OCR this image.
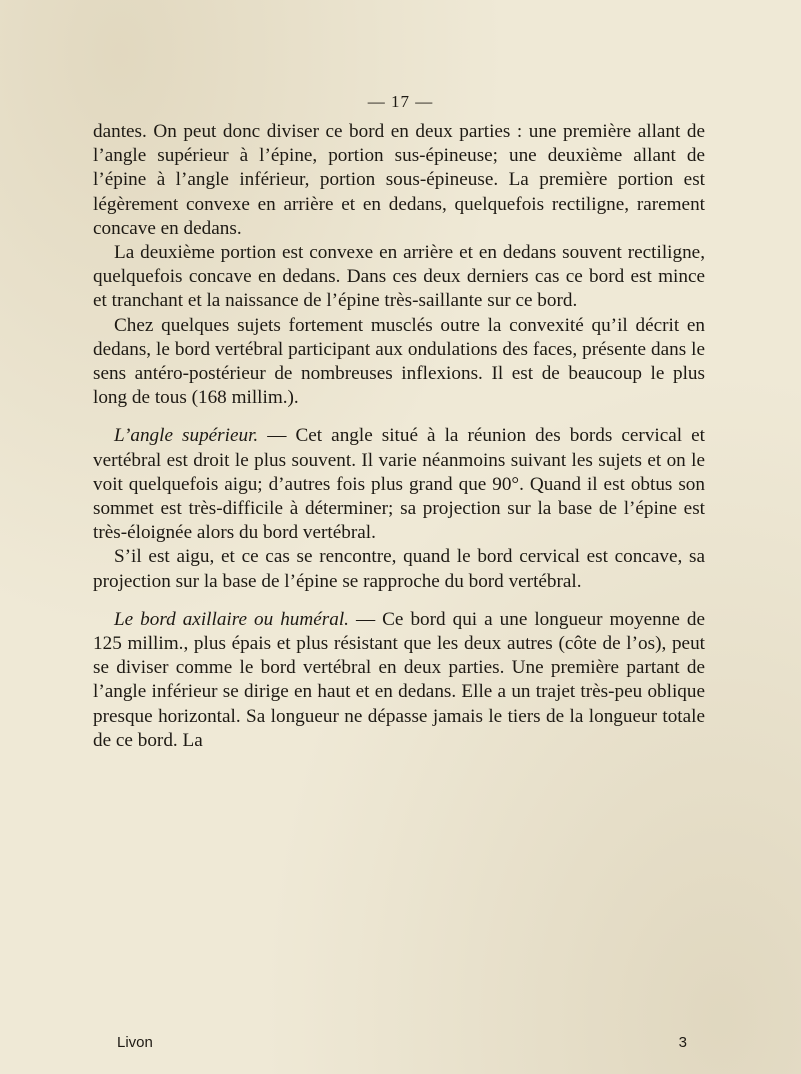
— 17 —

dantes. On peut donc diviser ce bord en deux parties : une première allant de l’angle supérieur à l’épine, portion sus-épineuse; une deuxième allant de l’épine à l’angle inférieur, portion sous-épineuse. La première portion est légèrement convexe en arrière et en dedans, quelquefois rectiligne, rarement concave en dedans.

La deuxième portion est convexe en arrière et en dedans souvent rectiligne, quelquefois concave en dedans. Dans ces deux derniers cas ce bord est mince et tranchant et la naissance de l’épine très-saillante sur ce bord.

Chez quelques sujets fortement musclés outre la convexité qu’il décrit en dedans, le bord vertébral participant aux ondulations des faces, présente dans le sens antéro-postérieur de nombreuses inflexions. Il est de beaucoup le plus long de tous (168 millim.).

L’angle supérieur. — Cet angle situé à la réunion des bords cervical et vertébral est droit le plus souvent. Il varie néanmoins suivant les sujets et on le voit quelquefois aigu; d’autres fois plus grand que 90°. Quand il est obtus son sommet est très-difficile à déterminer; sa projection sur la base de l’épine est très-éloignée alors du bord vertébral.

S’il est aigu, et ce cas se rencontre, quand le bord cervical est concave, sa projection sur la base de l’épine se rapproche du bord vertébral.

Le bord axillaire ou huméral. — Ce bord qui a une longueur moyenne de 125 millim., plus épais et plus résistant que les deux autres (côte de l’os), peut se diviser comme le bord vertébral en deux parties. Une première partant de l’angle inférieur se dirige en haut et en dedans. Elle a un trajet très-peu oblique presque horizontal. Sa longueur ne dépasse jamais le tiers de la longueur totale de ce bord. La

Livon	3
